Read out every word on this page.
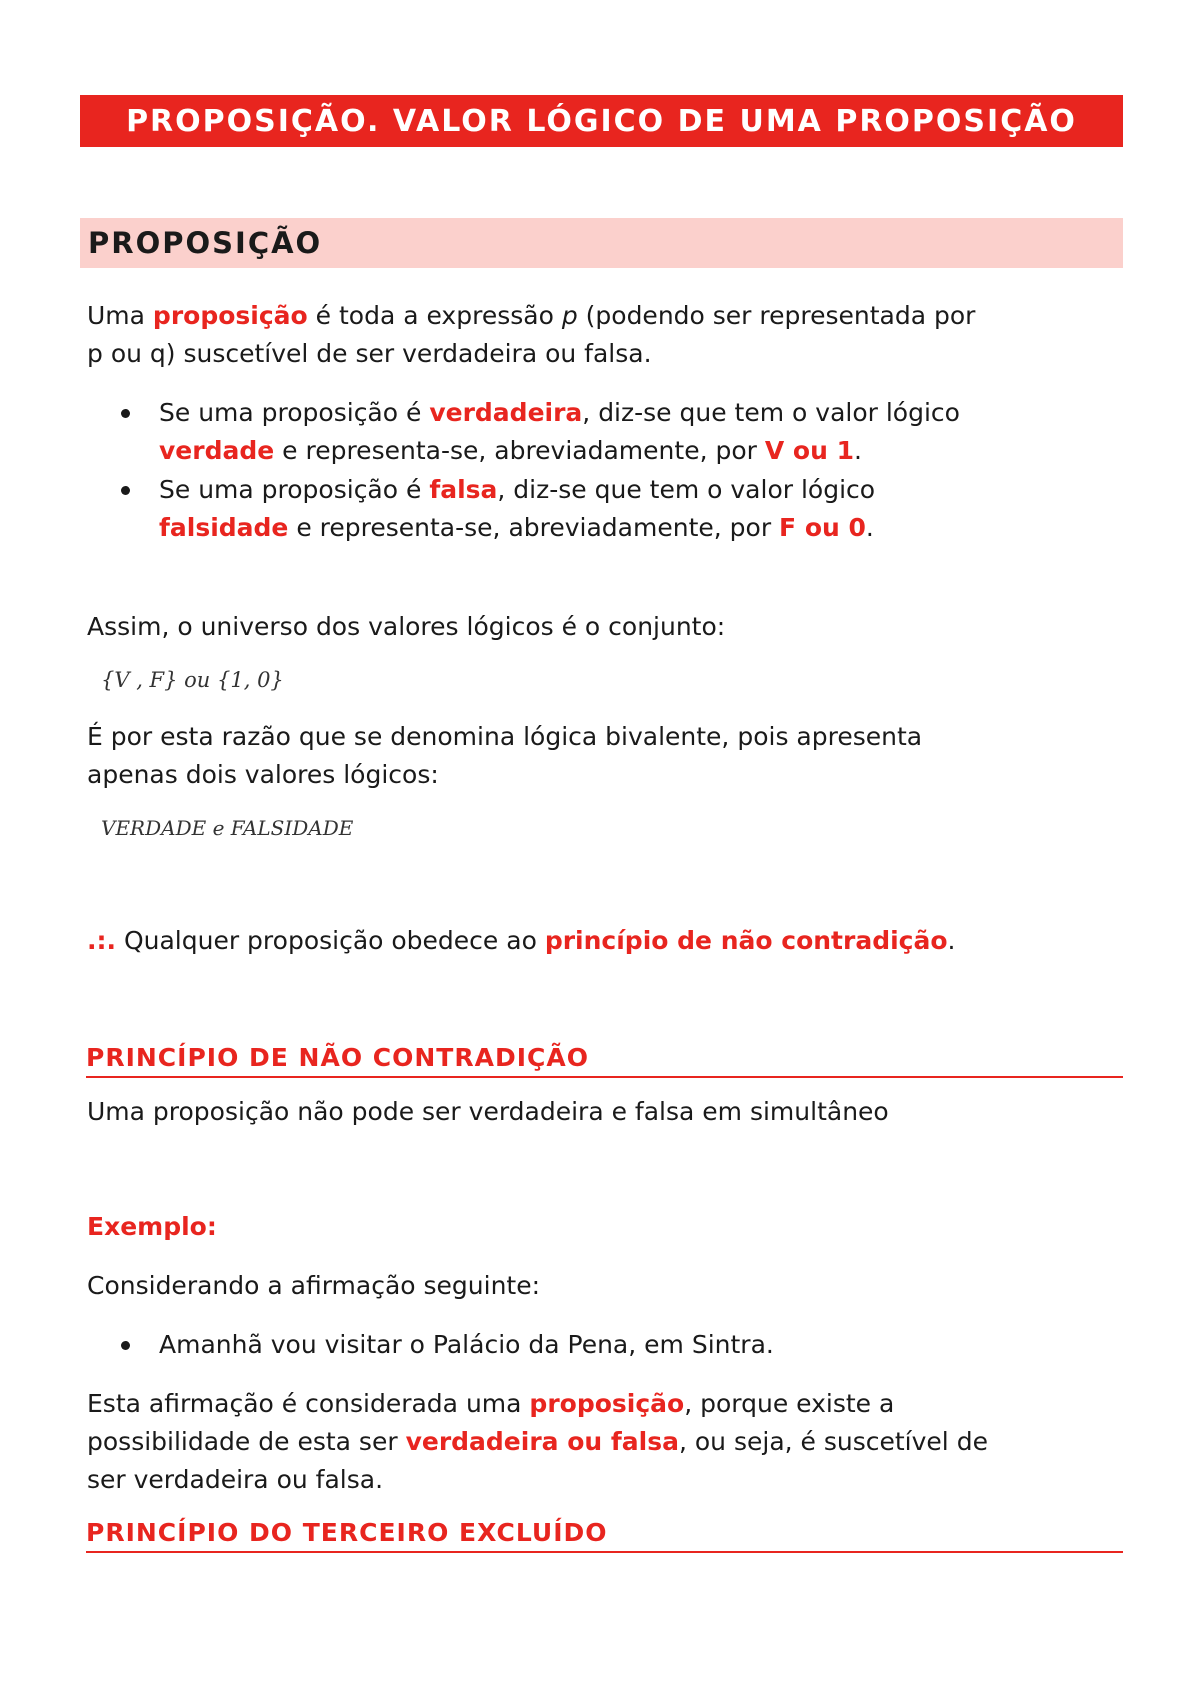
PROPOSIÇÃO. VALOR LÓGICO DE UMA PROPOSIÇÃO
PROPOSIÇÃO
Uma proposição é toda a expressão p (podendo ser representada por
p ou q) suscetível de ser verdadeira ou falsa.
Se uma proposição é verdadeira, diz-se que tem o valor lógico
verdade e representa-se, abreviadamente, por V ou 1.
Se uma proposição é falsa, diz-se que tem o valor lógico
falsidade e representa-se, abreviadamente, por F ou 0.
Assim, o universo dos valores lógicos é o conjunto:
{V , F} ou {1, 0}
É por esta razão que se denomina lógica bivalente, pois apresenta
apenas dois valores lógicos:
VERDADE e FALSIDADE
.:. Qualquer proposição obedece ao princípio de não contradição.
PRINCÍPIO DE NÃO CONTRADIÇÃO
Uma proposição não pode ser verdadeira e falsa em simultâneo
Exemplo:
Considerando a afirmação seguinte:
Amanhã vou visitar o Palácio da Pena, em Sintra.
Esta afirmação é considerada uma proposição, porque existe a
possibilidade de esta ser verdadeira ou falsa, ou seja, é suscetível de
ser verdadeira ou falsa.
PRINCÍPIO DO TERCEIRO EXCLUÍDO
